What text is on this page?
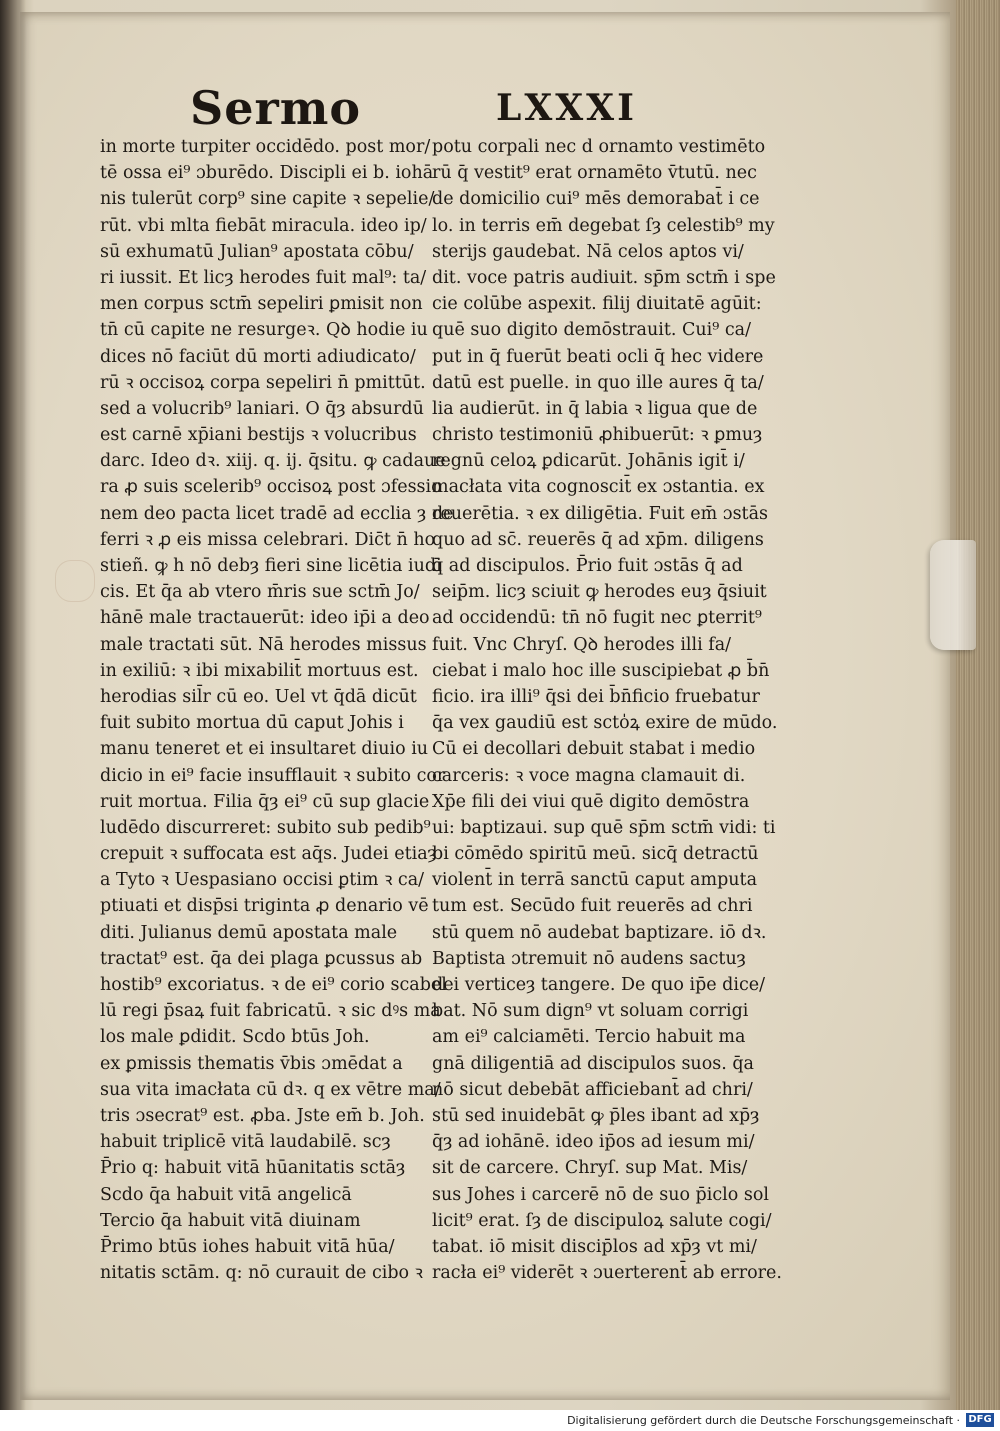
Sermo	LXXXI
in morte turpiter occidēdo. post mor/
tē ossa ei⁹ ɔburēdo. Discipli ei b. iohā
nis tulerūt corp⁹ sine capite ꝛ sepelie/
rūt. vbi mlta fiebāt miracula. ideo ip/
sū exhumatū Julian⁹ apostata cōbu/
ri iussit. Et licȝ herodes fuit mal⁹: ta/
men corpus sctm̄ sepeliri ꝑmisit non
tn̄ cū capite ne resurgeꝛ. Qꝺ hodie iu
dices nō faciūt dū morti adiudicato/
rū ꝛ occisoꝝ corpa sepeliri n̄ pmittūt.
sed a volucrib⁹ laniari. O q̄ȝ absurdū
est carnē xp̄iani bestijs ꝛ volucribus
darc. Ideo dꝛ. xiij. q. ij. q̄situ. ꝙ cadaue
ra ꝓ suis scelerib⁹ occisoꝝ post ɔfessio
nem deo pacta licet tradē ad ecclia ȝ de
ferri ꝛ ꝓ eis missa celebrari. Dic̄t n̄ ho
stieñ. ꝙ h nō debȝ fieri sine licētia iudi
cis. Et q̄a ab vtero m̄ris sue sctm̄ Jo/
hānē male tractauerūt: ideo ip̄i a deo
male tractati sūt. Nā herodes missus
in exiliū: ꝛ ibi mixabilit̄ mortuus est.
herodias sil̄r cū eo. Uel vt q̄dā dicūt
fuit subito mortua dū caput Johis i
manu teneret et ei insultaret diuio iu
dicio in ei⁹ facie insufflauit ꝛ subito cor
ruit mortua. Filia q̄ȝ ei⁹ cū sup glacie
ludēdo discurreret: subito sub pedib⁹
crepuit ꝛ suffocata est aq̄s. Judei etiaȝ
a Tyto ꝛ Uespasiano occisi ꝑtim ꝛ ca/
ptiuati et disp̄si triginta ꝓ denario vē
diti. Julianus demū apostata male
tractat⁹ est. q̄a dei plaga ꝑcussus ab
hostib⁹ excoriatus. ꝛ de ei⁹ corio scabel
lū regi p̄saꝝ fuit fabricatū. ꝛ sic dꝰs ma
los male ꝑdidit. Scdo btūs Joh.
ex ꝑmissis thematis v̄bis ɔmēdat a
sua vita imacłata cū dꝛ. q ex vētre ma/
tris ɔsecrat⁹ est. ꝓba. Jste em̄ b. Joh.
habuit triplicē vitā laudabilē. scȝ
P̄rio q: habuit vitā hūanitatis sctāȝ
Scdo q̄a habuit vitā angelicā
Tercio q̄a habuit vitā diuinam
P̄rimo btūs iohes habuit vitā hūa/
nitatis sctām. q: nō curauit de cibo ꝛ
potu corpali nec d ornamto vestimēto
rū q̄ vestit⁹ erat ornamēto v̄tutū. nec
de domicilio cui⁹ mēs demorabat̄ i ce
lo. in terris em̄ degebat ſȝ celestib⁹ my
sterijs gaudebat. Nā celos aptos vi/
dit. voce patris audiuit. sp̄m sctm̄ i spe
cie colūbe aspexit. filij diuitatē agūit:
quē suo digito demōstrauit. Cui⁹ ca/
put in q̄ fuerūt beati ocli q̄ hec videre
datū est puelle. in quo ille aures q̄ ta/
lia audierūt. in q̄ labia ꝛ ligua que de
christo testimoniū ꝓhibuerūt: ꝛ ꝑmuȝ
regnū celoꝝ ꝑdicarūt. Johānis igit̄ i/
macłata vita cognoscit̄ ex ɔstantia. ex
reuerētia. ꝛ ex diligētia. Fuit em̄ ɔstās
quo ad sc̄. reuerēs q̄ ad xp̄m. diligens
q̄ ad discipulos. P̄rio fuit ɔstās q̄ ad
seip̄m. licȝ sciuit ꝙ herodes euȝ q̄siuit
ad occidendū: tn̄ nō fugit nec ꝑterrit⁹
fuit. Vnc Chryſ. Qꝺ herodes illi fa/
ciebat i malo hoc ille suscipiebat ꝓ b̄n̄
ficio. ira illi⁹ q̄si dei b̄n̄ficio fruebatur
q̄a vex gaudiū est scto̍ꝝ exire de mūdo.
Cū ei decollari debuit stabat i medio
carceris: ꝛ voce magna clamauit di.
Xp̄e fili dei viui quē digito demōstra
ui: baptizaui. sup quē sp̄m sctm̄ vidi: ti
bi cōmēdo spiritū meū. sicq̄ detractū
violent̄ in terrā sanctū caput amputa
tum est. Secūdo fuit reuerēs ad chri
stū quem nō audebat baptizare. iō dꝛ.
Baptista ɔtremuit nō audens sactuȝ
dei verticeȝ tangere. De quo ip̄e dice/
bat. Nō sum dign⁹ vt soluam corrigi
am ei⁹ calciamēti. Tercio habuit ma
gnā diligentiā ad discipulos suos. q̄a
nō sicut debebāt afficiebant̄ ad chri/
stū sed inuidebāt ꝙ p̄les ibant ad xp̄ȝ
q̄ȝ ad iohānē. ideo ip̄os ad iesum mi/
sit de carcere. Chryſ. sup Mat. Mis/
sus Johes i carcerē nō de suo p̄iclo sol
licit⁹ erat. ſȝ de discipuloꝝ salute cogi/
tabat. iō misit discip̄los ad xp̄ȝ vt mi/
racła ei⁹ viderēt ꝛ ɔuerterent̄ ab errore.
Digitalisierung gefördert durch die Deutsche Forschungsgemeinschaft · DFG
